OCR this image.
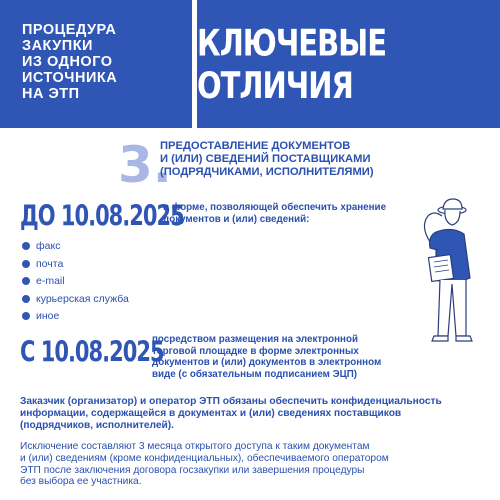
ПРОЦЕДУРА
ЗАКУПКИ
ИЗ ОДНОГО
ИСТОЧНИКА
НА ЭТП
КЛЮЧЕВЫЕ ОТЛИЧИЯ
3.
ПРЕДОСТАВЛЕНИЕ ДОКУМЕНТОВ
И (ИЛИ) СВЕДЕНИЙ ПОСТАВЩИКАМИ
(ПОДРЯДЧИКАМИ, ИСПОЛНИТЕЛЯМИ)
ДО 10.08.2025
в форме, позволяющей обеспечить хранение
документов и (или) сведений:
факс
почта
e-mail
курьерская служба
иное
С 10.08.2025
посредством размещения на электронной
торговой площадке в форме электронных
документов и (или) документов в электронном
виде (с обязательным подписанием ЭЦП)
Заказчик (организатор) и оператор ЭТП обязаны обеспечить конфиденциальность
информации, содержащейся в документах и (или) сведениях поставщиков
(подрядчиков, исполнителей).
Исключение составляют 3 месяца открытого доступа к таким документам
и (или) сведениям (кроме конфиденциальных), обеспечиваемого оператором
ЭТП после заключения договора госзакупки или завершения процедуры
без выбора ее участника.
